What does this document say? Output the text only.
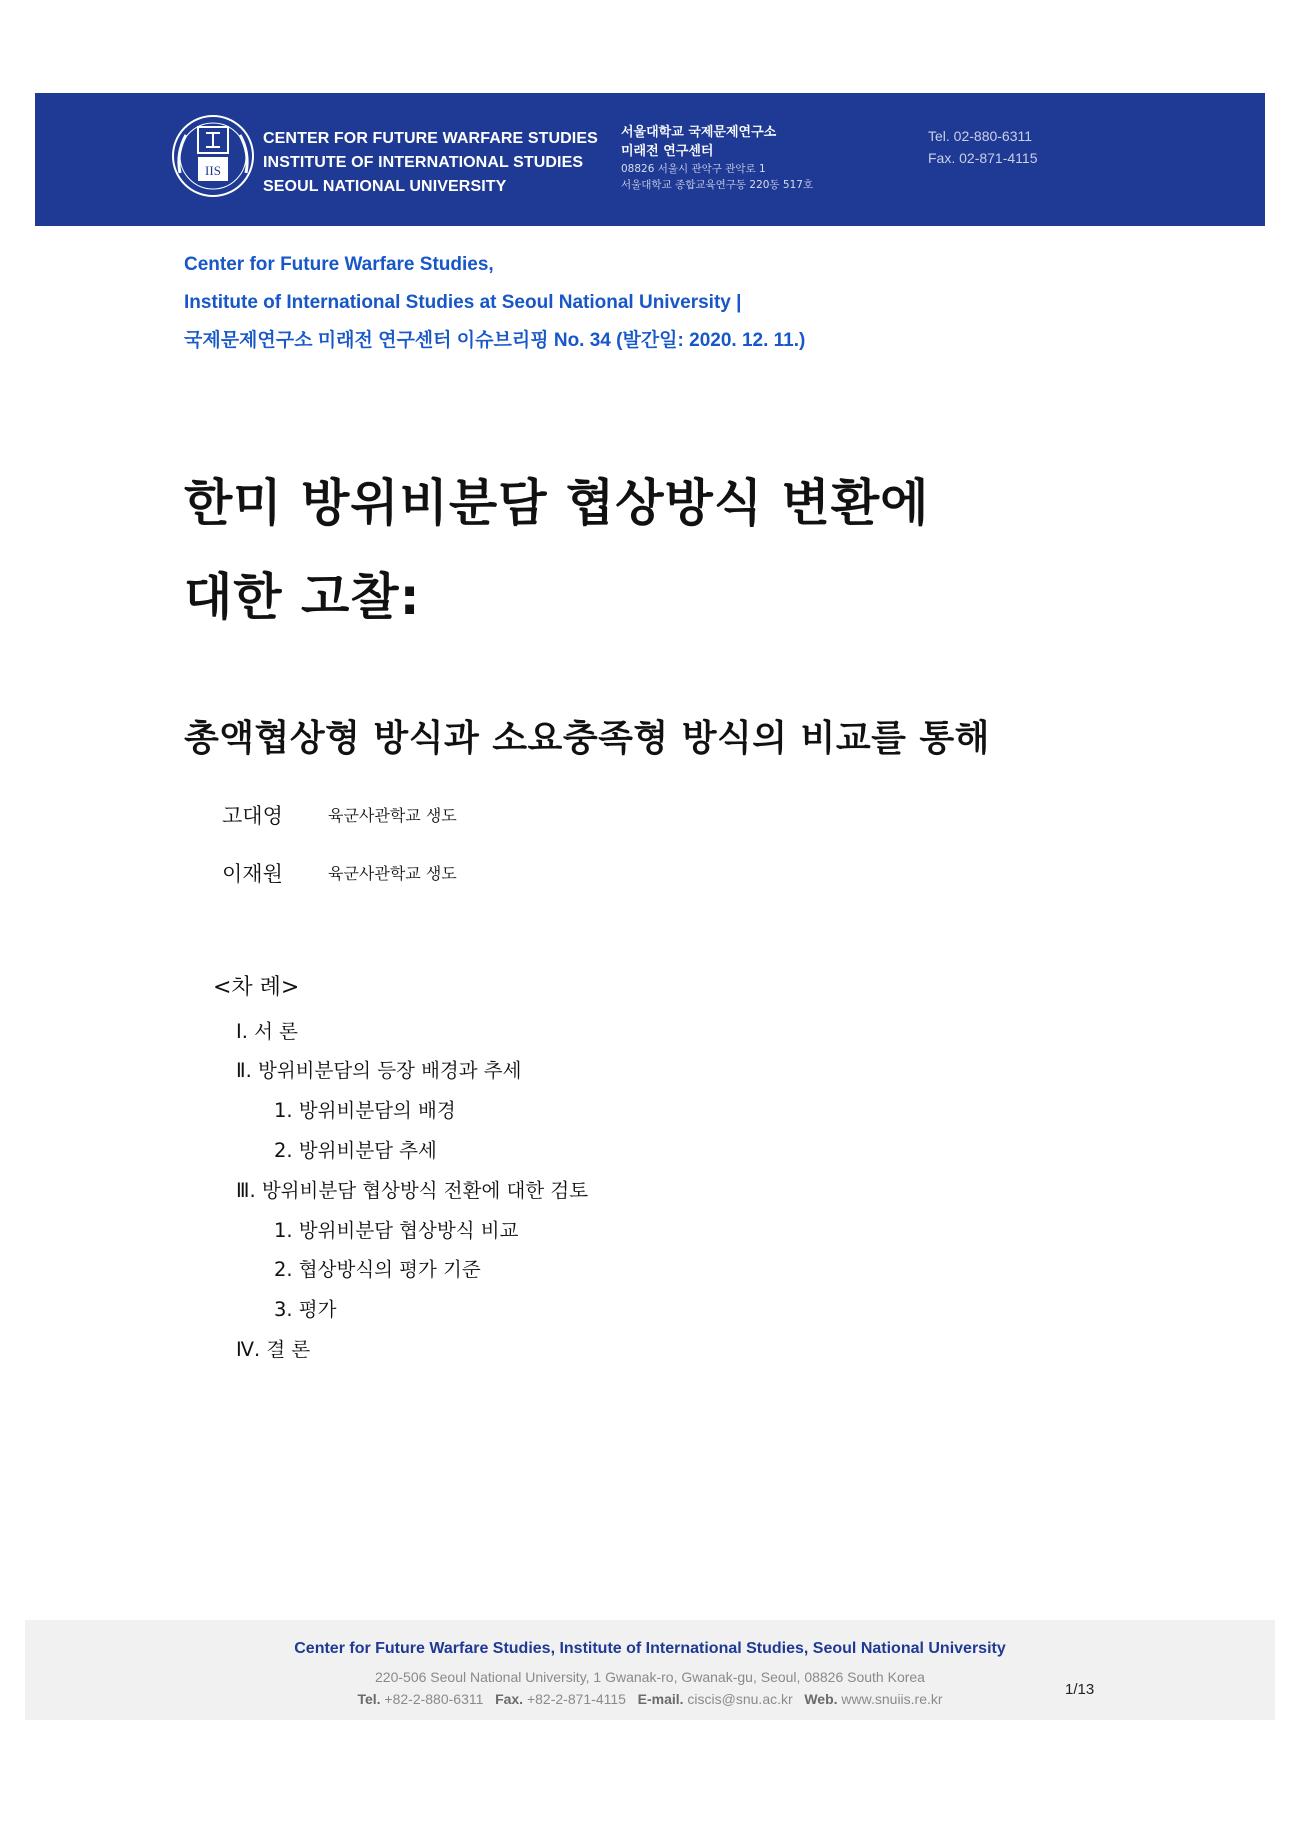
IIS
CENTER FOR FUTURE WARFARE STUDIES
INSTITUTE OF INTERNATIONAL STUDIES
SEOUL NATIONAL UNIVERSITY
서울대학교 국제문제연구소
미래전 연구센터
08826 서울시 관악구 관악로 1
서울대학교 종합교육연구동 220동 517호
Tel. 02-880-6311
Fax. 02-871-4115
Center for Future Warfare Studies,
Institute of International Studies at Seoul National University |
국제문제연구소 미래전 연구센터 이슈브리핑 No. 34 (발간일: 2020. 12. 11.)
한미 방위비분담 협상방식 변환에
대한 고찰:
총액협상형 방식과 소요충족형 방식의 비교를 통해
고대영	육군사관학교 생도
이재원	육군사관학교 생도
<차 례>
Ⅰ. 서 론
Ⅱ. 방위비분담의 등장 배경과 추세
1. 방위비분담의 배경
2. 방위비분담 추세
Ⅲ. 방위비분담 협상방식 전환에 대한 검토
1. 방위비분담 협상방식 비교
2. 협상방식의 평가 기준
3. 평가
Ⅳ. 결 론
Center for Future Warfare Studies, Institute of International Studies, Seoul National University
220-506 Seoul National University, 1 Gwanak-ro, Gwanak-gu, Seoul, 08826 South Korea
Tel. +82-2-880-6311 Fax. +82-2-871-4115 E-mail. ciscis@snu.ac.kr Web. www.snuiis.re.kr
1/13
